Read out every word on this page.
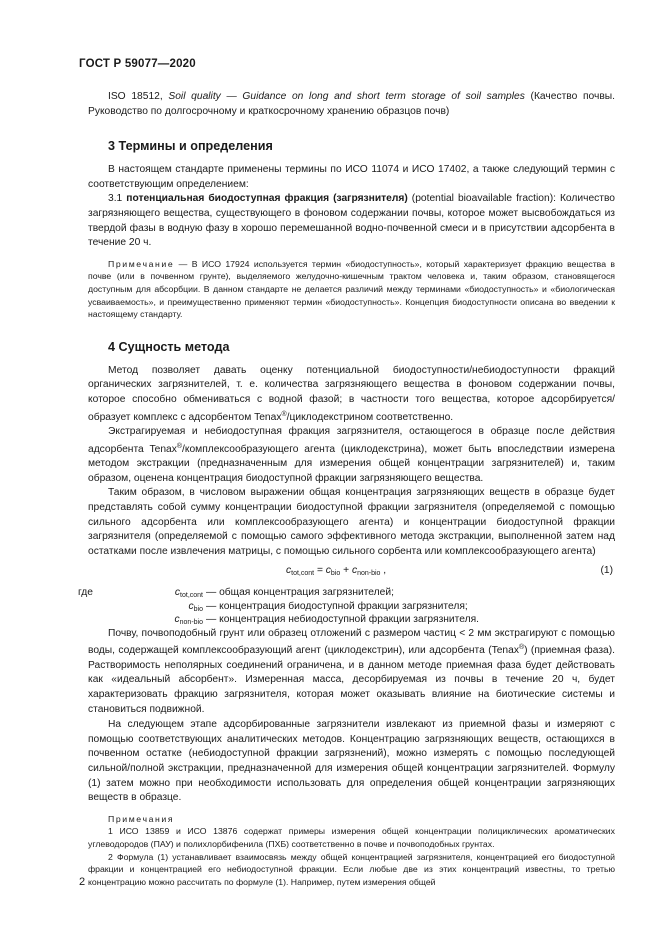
ГОСТ Р 59077—2020

ISO 18512, Soil quality — Guidance on long and short term storage of soil samples (Качество почвы. Руководство по долгосрочному и краткосрочному хранению образцов почв)

3 Термины и определения

В настоящем стандарте применены термины по ИСО 11074 и ИСО 17402, а также следующий термин с соответствующим определением:

3.1 потенциальная биодоступная фракция (загрязнителя) (potential bioavailable fraction): Количество загрязняющего вещества, существующего в фоновом содержании почвы, которое может высвобождаться из твердой фазы в водную фазу в хорошо перемешанной водно-почвенной смеси и в присутствии адсорбента в течение 20 ч.

Примечание — В ИСО 17924 используется термин «биодоступность», который характеризует фракцию вещества в почве (или в почвенном грунте), выделяемого желудочно-кишечным трактом человека и, таким образом, становящегося доступным для абсорбции. В данном стандарте не делается различий между терминами «биодоступность» и «биологическая усваиваемость», и преимущественно применяют термин «биодоступность». Концепция биодоступности описана во введении к настоящему стандарту.

4 Сущность метода

Метод позволяет давать оценку потенциальной биодоступности/небиодоступности фракций органических загрязнителей, т. е. количества загрязняющего вещества в фоновом содержании почвы, которое способно обмениваться с водной фазой; в частности того вещества, которое адсорбируется/образует комплекс с адсорбентом Tenax®/циклодекстрином соответственно.

Экстрагируемая и небиодоступная фракция загрязнителя, остающегося в образце после действия адсорбента Tenax®/комплексообразующего агента (циклодекстрина), может быть впоследствии измерена методом экстракции (предназначенным для измерения общей концентрации загрязнителей) и, таким образом, оценена концентрация биодоступной фракции загрязняющего вещества.

Таким образом, в числовом выражении общая концентрация загрязняющих веществ в образце будет представлять собой сумму концентрации биодоступной фракции загрязнителя (определяемой с помощью сильного адсорбента или комплексообразующего агента) и концентрации биодоступной фракции загрязнителя (определяемой с помощью самого эффективного метода экстракции, выполненной затем над остатками после извлечения матрицы, с помощью сильного сорбента или комплексообразующего агента)

$c_{tot,cont} = c_{bio} + c_{non-bio}$ ,	(1)
где	$c_{tot,cont}$ — общая концентрация загрязнителей;
$c_{bio}$ — концентрация биодоступной фракции загрязнителя;
$c_{non-bio}$ — концентрация небиодоступной фракции загрязнителя.

Почву, почвоподобный грунт или образец отложений с размером частиц < 2 мм экстрагируют с помощью воды, содержащей комплексообразующий агент (циклодекстрин), или адсорбента (Tenax®) (приемная фаза). Растворимость неполярных соединений ограничена, и в данном методе приемная фаза будет действовать как «идеальный абсорбент». Измеренная масса, десорбируемая из почвы в течение 20 ч, будет характеризовать фракцию загрязнителя, которая может оказывать влияние на биотические системы и становиться подвижной.

На следующем этапе адсорбированные загрязнители извлекают из приемной фазы и измеряют с помощью соответствующих аналитических методов. Концентрацию загрязняющих веществ, остающихся в почвенном остатке (небиодоступной фракции загрязнений), можно измерять с помощью последующей сильной/полной экстракции, предназначенной для измерения общей концентрации загрязнителей. Формулу (1) затем можно при необходимости использовать для определения общей концентрации загрязняющих веществ в образце.

Примечания

1 ИСО 13859 и ИСО 13876 содержат примеры измерения общей концентрации полициклических ароматических углеводородов (ПАУ) и полихлорбифенила (ПХБ) соответственно в почве и почвоподобных грунтах.

2 Формула (1) устанавливает взаимосвязь между общей концентрацией загрязнителя, концентрацией его биодоступной фракции и концентрацией его небиодоступной фракции. Если любые две из этих концентраций известны, то третью концентрацию можно рассчитать по формуле (1). Например, путем измерения общей

2
